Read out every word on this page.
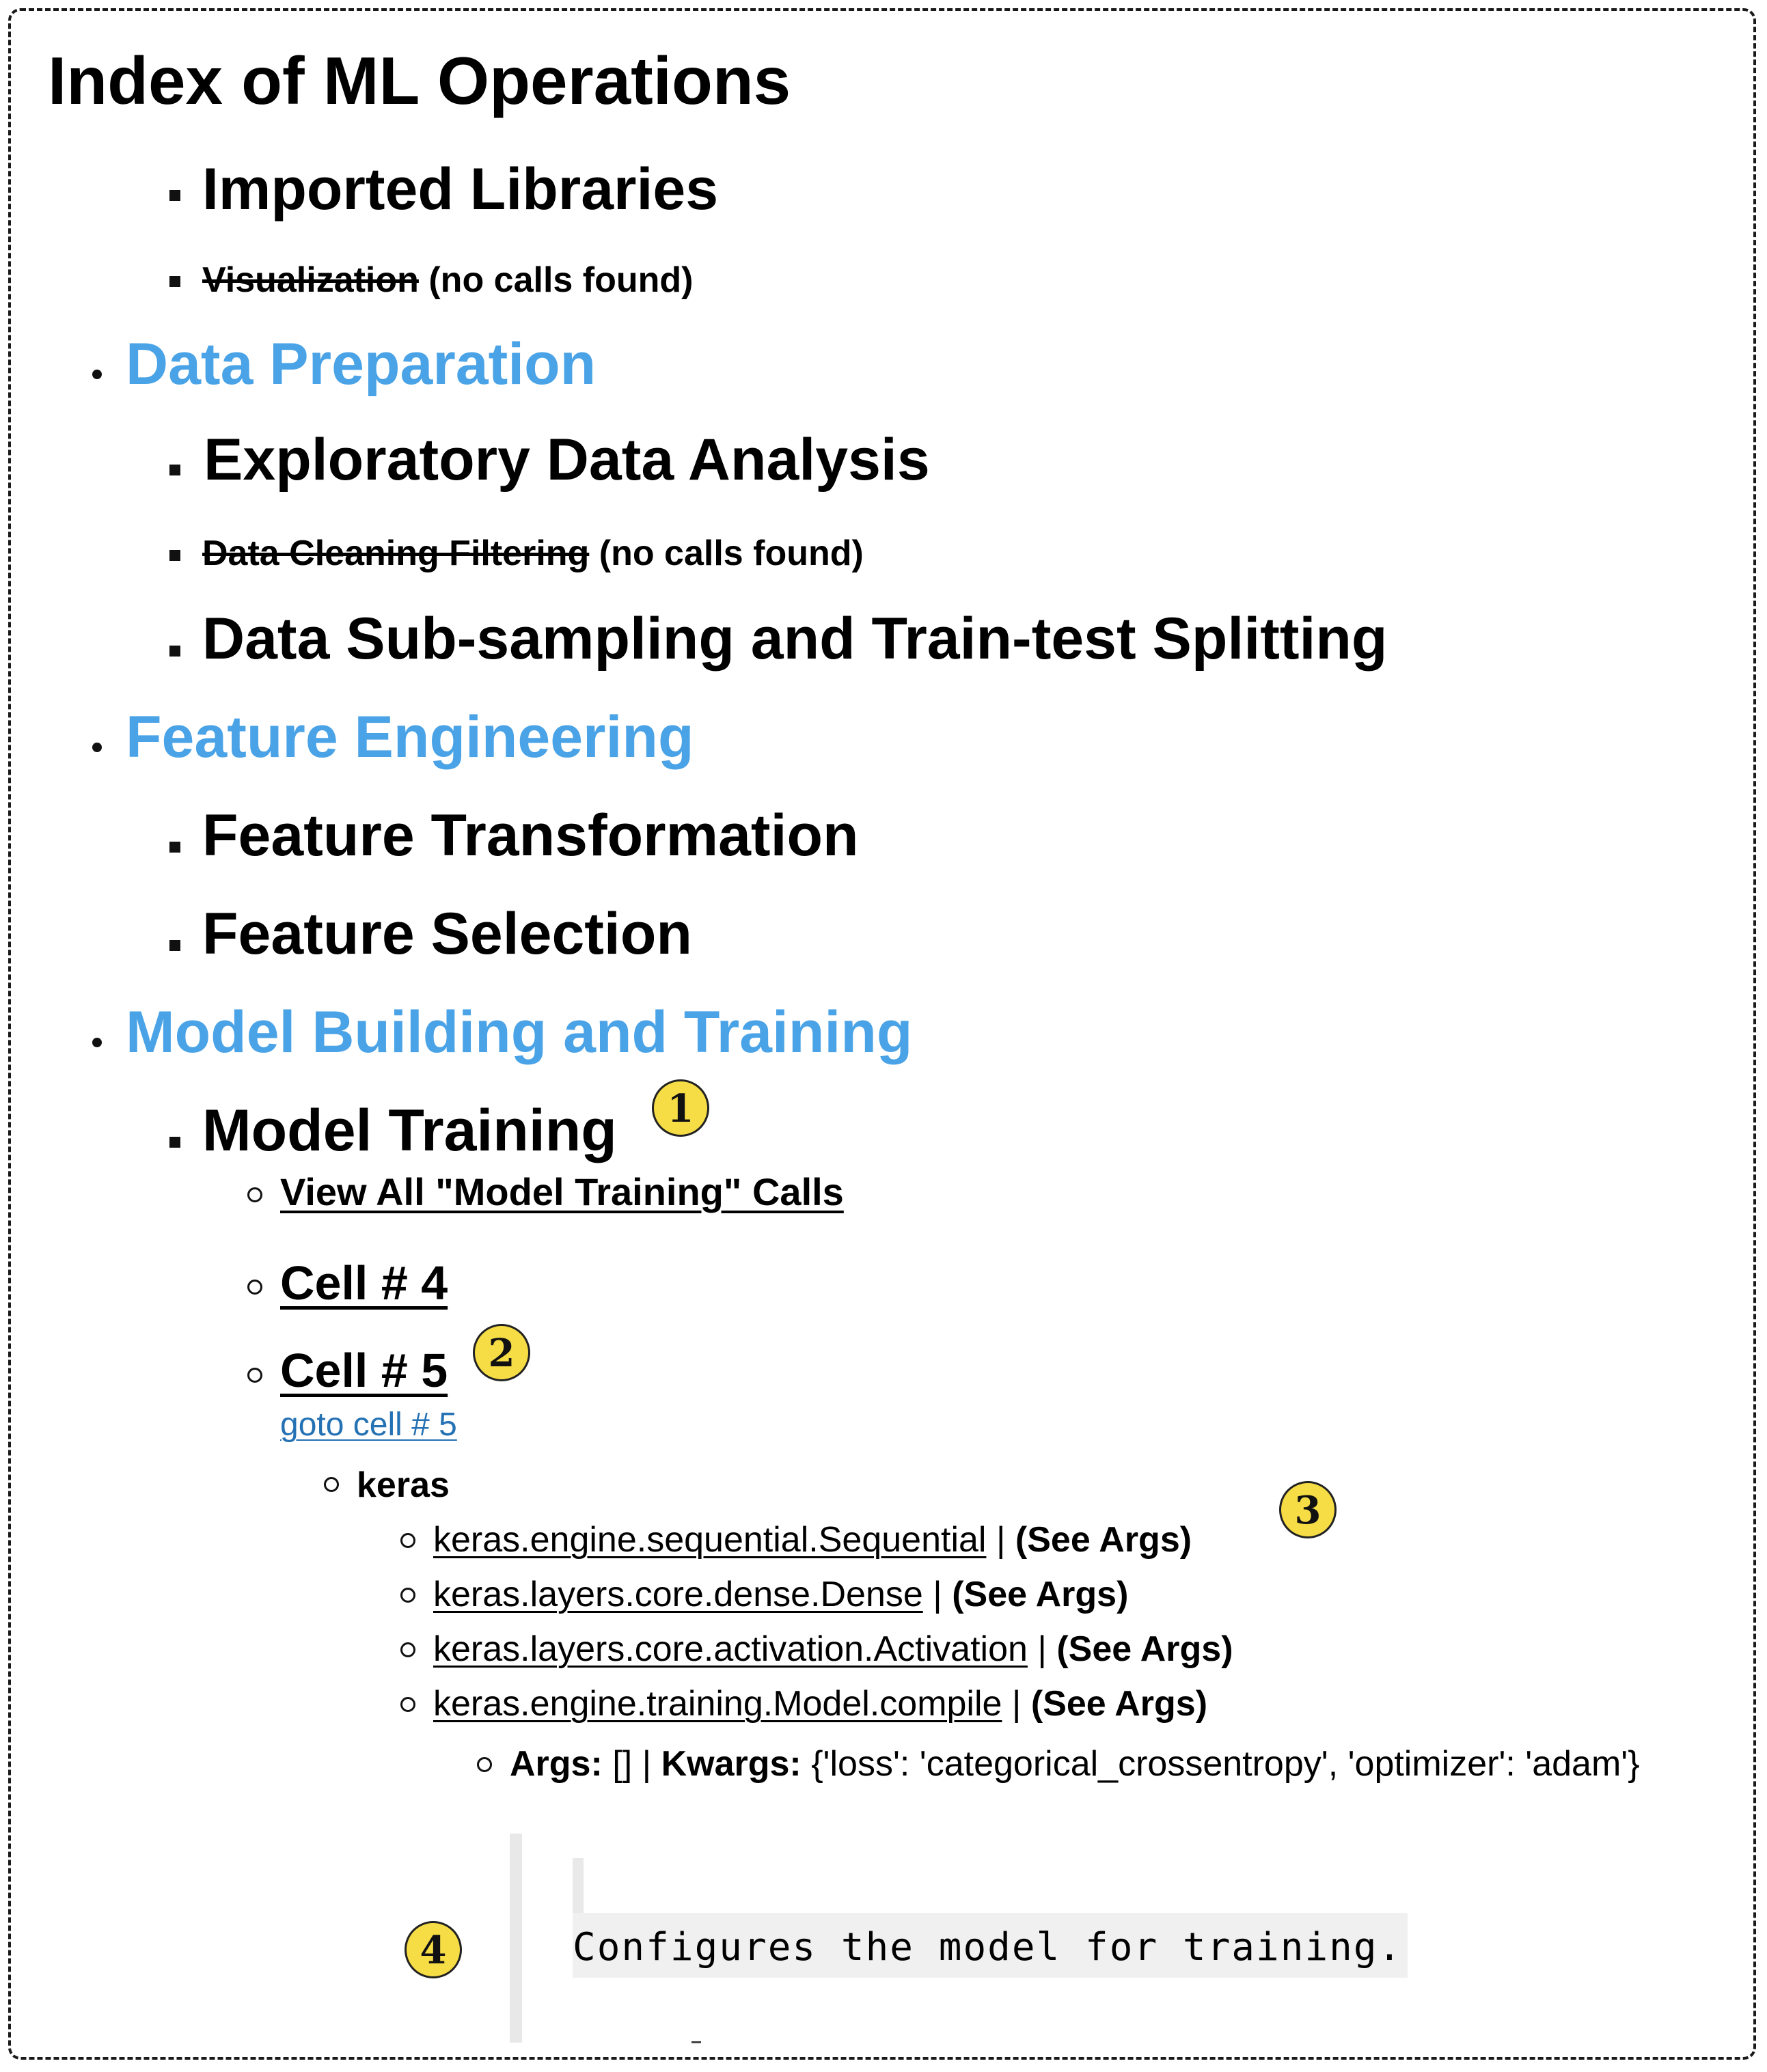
Index of ML Operations
Imported Libraries
Visualization (no calls found)
Data Preparation
Exploratory Data Analysis
Data Cleaning Filtering (no calls found)
Data Sub-sampling and Train-test Splitting
Feature Engineering
Feature Transformation
Feature Selection
Model Building and Training
Model Training	1
View All "Model Training" Calls
Cell # 4
Cell # 5	2
goto cell # 5
keras
keras.engine.sequential.Sequential | (See Args)
3
keras.layers.core.dense.Dense | (See Args)
keras.layers.core.activation.Activation | (See Args)
keras.engine.training.Model.compile | (See Args)
Args: [] | Kwargs: {'loss': 'categorical_crossentropy', 'optimizer': 'adam'}
Configures the model for training.
4
